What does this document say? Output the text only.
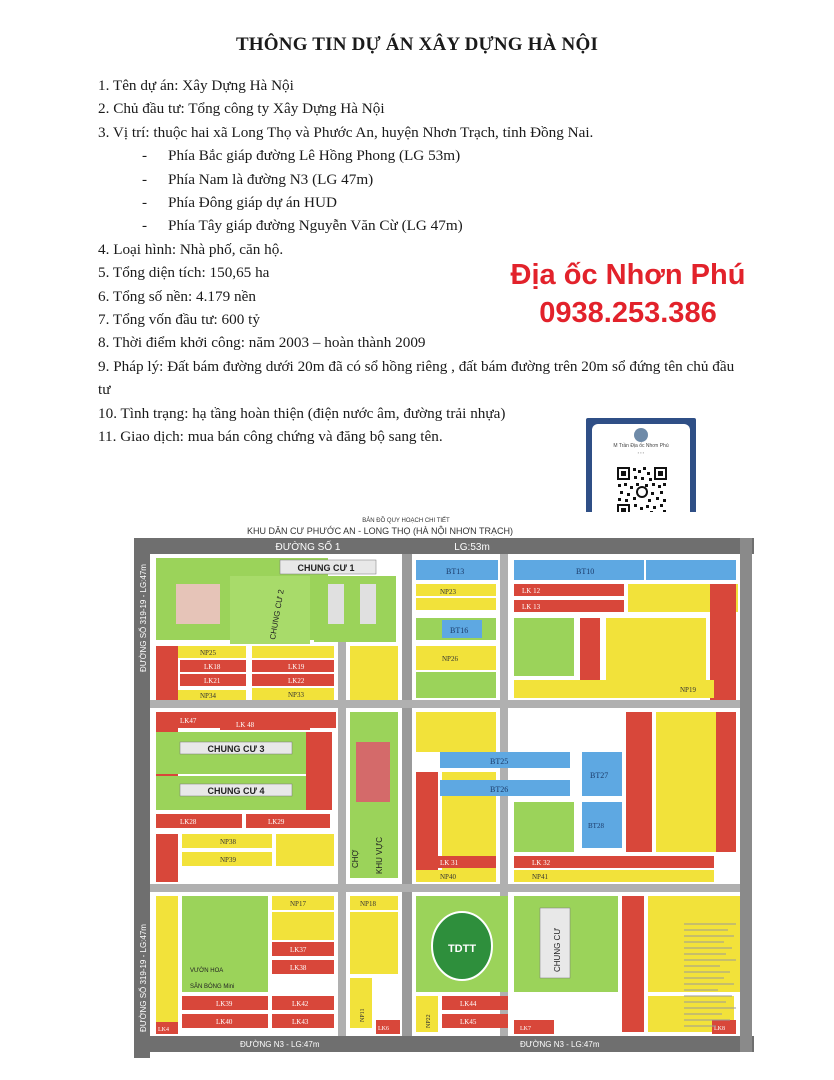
THÔNG TIN DỰ ÁN XÂY DỰNG HÀ NỘI
1. Tên dự án: Xây Dựng Hà Nội
2. Chủ đầu tư: Tổng công ty Xây Dựng Hà Nội
3. Vị trí: thuộc hai xã Long Thọ và Phước An, huyện Nhơn Trạch, tỉnh Đồng Nai.
- Phía Bắc giáp đường Lê Hồng Phong (LG 53m)
- Phía Nam là đường N3 (LG 47m)
- Phía Đông giáp dự án HUD
- Phía Tây giáp đường Nguyễn Văn Cừ (LG 47m)
4. Loại hình: Nhà phố, căn hộ.
5. Tổng diện tích: 150,65 ha
6. Tổng số nền: 4.179 nền
7. Tổng vốn đầu tư: 600 tỷ
8. Thời điểm khởi công: năm 2003 – hoàn thành 2009
9. Pháp lý: Đất bám đường dưới 20m đã có sổ hồng riêng , đất bám đường trên 20m sổ đứng tên chủ đầu tư
10. Tình trạng: hạ tầng hoàn thiện (điện nước âm, đường trải nhựa)
11. Giao dịch: mua bán công chứng và đăng bộ sang tên.
Địa ốc Nhơn Phú
0938.253.386
M Trần Địa ốc Nhơn Phú
▪ ▪ ▪
BẢN ĐỒ QUY HOẠCH CHI TIẾT
KHU DÂN CƯ PHƯỚC AN - LONG THỌ (HÀ NỘI NHƠN TRẠCH)
ĐƯỜNG SỐ 1	LG:53m
ĐƯỜNG SỐ 319-19 - LG:47m
ĐƯỜNG SỐ 319-19 - LG:47m
ĐƯỜNG N3 - LG:47m	ĐƯỜNG N3 - LG:47m
CHUNG CƯ 1
CHUNG CƯ 2	NP23
BT13	BT10
LK 12
LK 13
BT16
NP25
LK18
LK21
NP34
LK19
LK22
NP33
NP26
NP19
LK47	LK 48
CHUNG CƯ 3
CHUNG CƯ 4
LK28	LK29
BT25
BT26
BT27
BT28
NP38
NP39	LK 31
NP40
LK 32
NP41
CHỢ KHU VỰC
VƯỜN HOA
SÂN BÓNG Mini
NP17	NP18
LK37
LK38
TDTT	CHUNG CƯ
LK39
LK40
LK42
LK43	NP11
LK4	LK6
NP22
LK44
LK45
LK7	LK8
